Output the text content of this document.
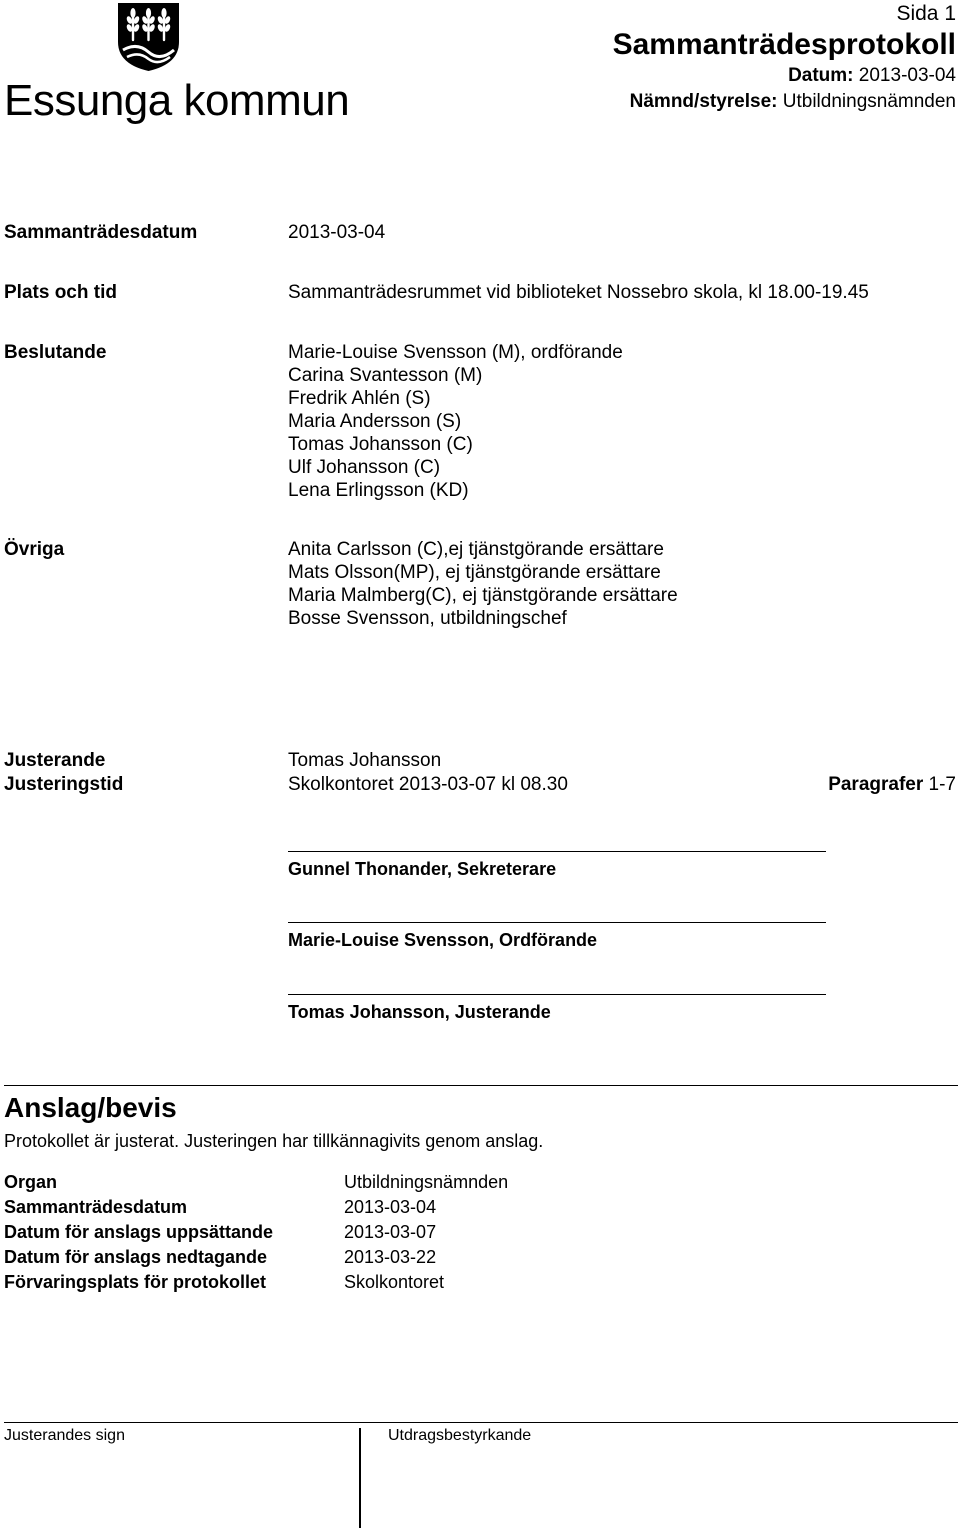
Essunga kommun
Sida 1
Sammanträdesprotokoll
Datum: 2013-03-04
Nämnd/styrelse: Utbildningsnämnden
Sammanträdesdatum	2013-03-04
Plats och tid	Sammanträdesrummet vid biblioteket Nossebro skola, kl 18.00-19.45
Beslutande	Marie-Louise Svensson (M), ordförande
Carina Svantesson (M)
Fredrik Ahlén (S)
Maria Andersson (S)
Tomas Johansson (C)
Ulf Johansson (C)
Lena Erlingsson (KD)
Övriga	Anita Carlsson (C),ej tjänstgörande ersättare
Mats Olsson(MP), ej tjänstgörande ersättare
Maria Malmberg(C), ej tjänstgörande ersättare
Bosse Svensson, utbildningschef
Justerande	Tomas Johansson
Justeringstid	Skolkontoret 2013-03-07 kl 08.30	Paragrafer 1-7
Gunnel Thonander, Sekreterare
Marie-Louise Svensson, Ordförande
Tomas Johansson, Justerande
Anslag/bevis
Protokollet är justerat. Justeringen har tillkännagivits genom anslag.
Organ	Utbildningsnämnden
Sammanträdesdatum	2013-03-04
Datum för anslags uppsättande	2013-03-07
Datum för anslags nedtagande	2013-03-22
Förvaringsplats för protokollet	Skolkontoret
Justerandes sign	Utdragsbestyrkande
